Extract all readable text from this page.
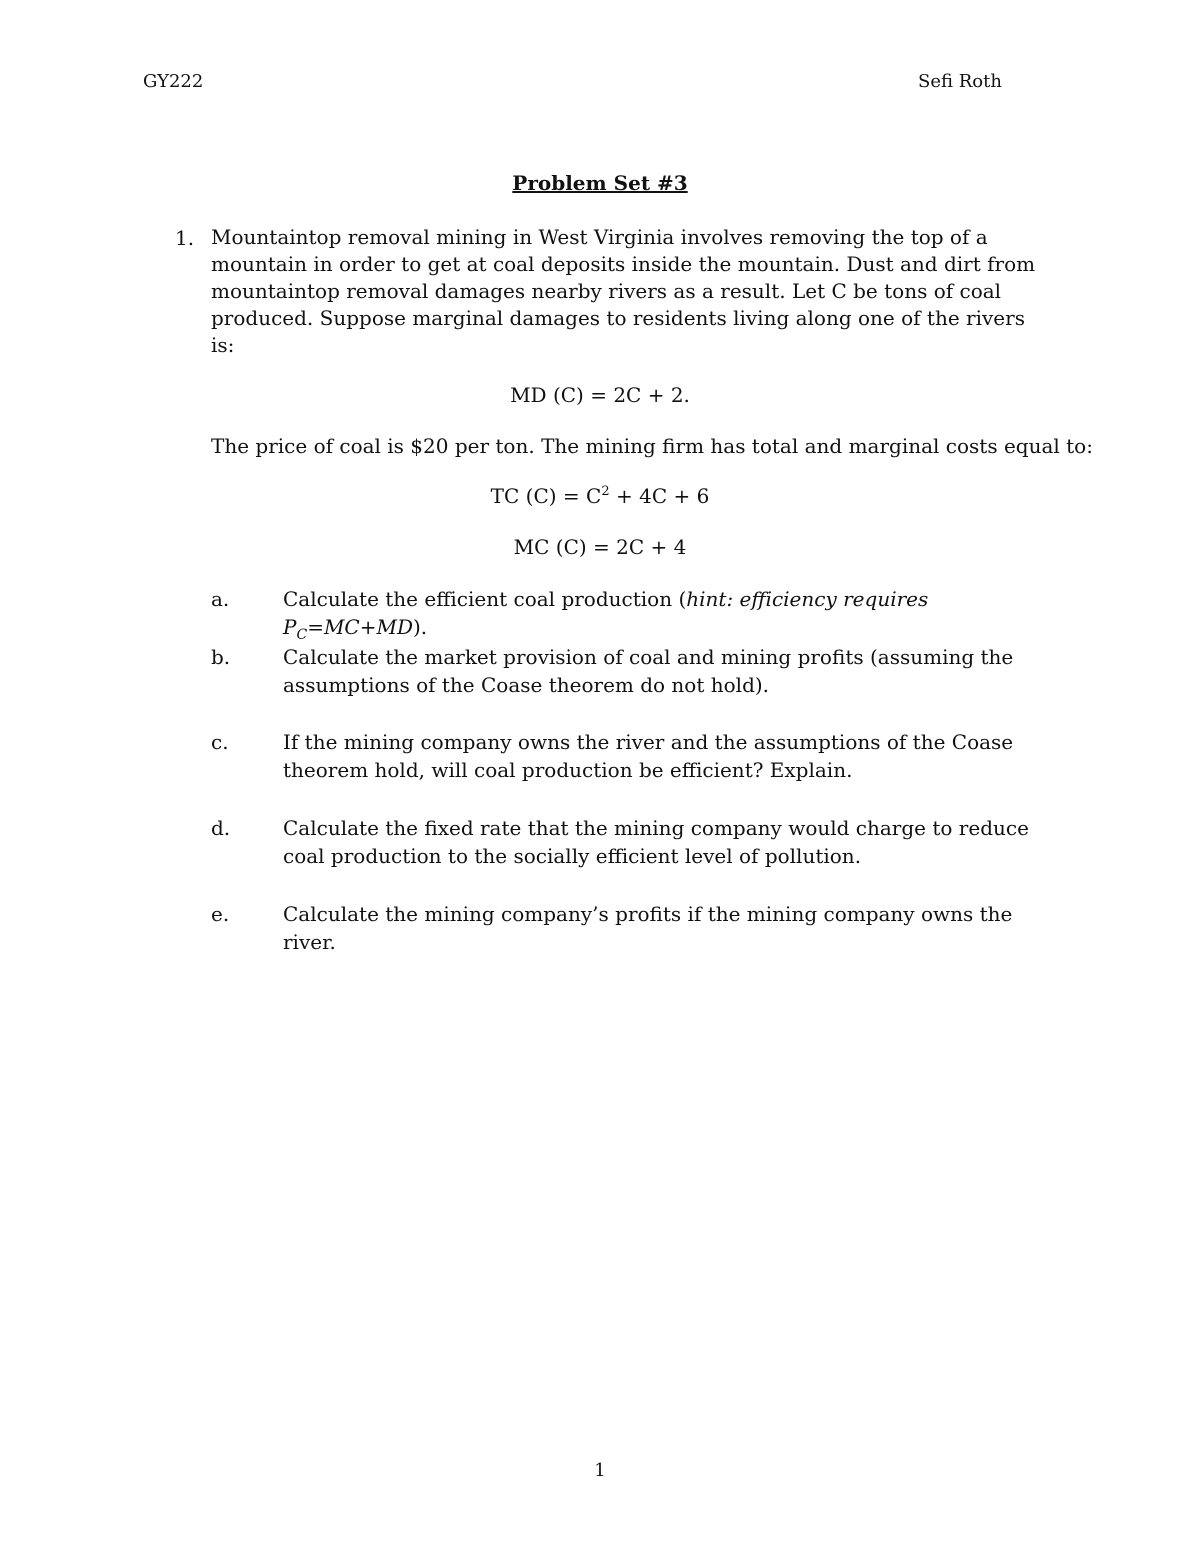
GY222	Sefi Roth
Problem Set #3
1. Mountaintop removal mining in West Virginia involves removing the top of a mountain in order to get at coal deposits inside the mountain. Dust and dirt from mountaintop removal damages nearby rivers as a result. Let C be tons of coal produced. Suppose marginal damages to residents living along one of the rivers is:
MD (C) = 2C + 2.
The price of coal is $20 per ton. The mining firm has total and marginal costs equal to:
TC $(C) = C^2 + 4C + 6$
MC (C) = 2C + 4
a.	Calculate the efficient coal production (hint: efficiency requires $P_C=MC+MD$).
b.	Calculate the market provision of coal and mining profits (assuming the assumptions of the Coase theorem do not hold).
c.	If the mining company owns the river and the assumptions of the Coase theorem hold, will coal production be efficient? Explain.
d.	Calculate the fixed rate that the mining company would charge to reduce coal production to the socially efficient level of pollution.
e.	Calculate the mining company’s profits if the mining company owns the river.
1
